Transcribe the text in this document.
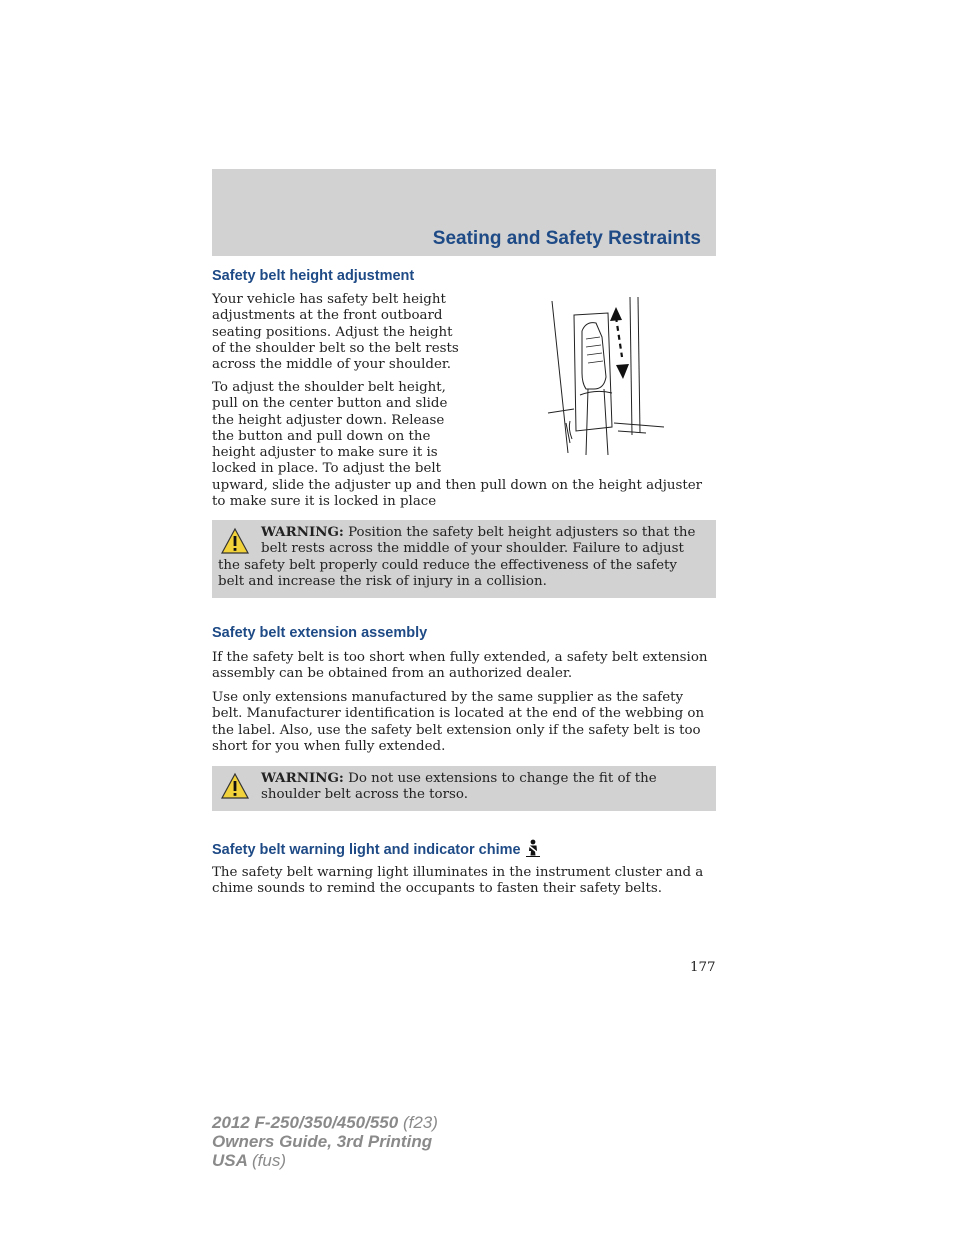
Seating and Safety Restraints
Safety belt height adjustment

Your vehicle has safety belt height
adjustments at the front outboard
seating positions. Adjust the height
of the shoulder belt so the belt rests
across the middle of your shoulder.

To adjust the shoulder belt height,
pull on the center button and slide
the height adjuster down. Release
the button and pull down on the
height adjuster to make sure it is
locked in place. To adjust the belt
upward, slide the adjuster up and then pull down on the height adjuster
to make sure it is locked in place

WARNING: Position the safety belt height adjusters so that the
belt rests across the middle of your shoulder. Failure to adjust
the safety belt properly could reduce the effectiveness of the safety
belt and increase the risk of injury in a collision.

Safety belt extension assembly

If the safety belt is too short when fully extended, a safety belt extension
assembly can be obtained from an authorized dealer.

Use only extensions manufactured by the same supplier as the safety
belt. Manufacturer identification is located at the end of the webbing on
the label. Also, use the safety belt extension only if the safety belt is too
short for you when fully extended.

WARNING: Do not use extensions to change the fit of the
shoulder belt across the torso.

Safety belt warning light and indicator chime

The safety belt warning light illuminates in the instrument cluster and a
chime sounds to remind the occupants to fasten their safety belts.

177
2012 F-250/350/450/550 (f23)
Owners Guide, 3rd Printing
USA (fus)
